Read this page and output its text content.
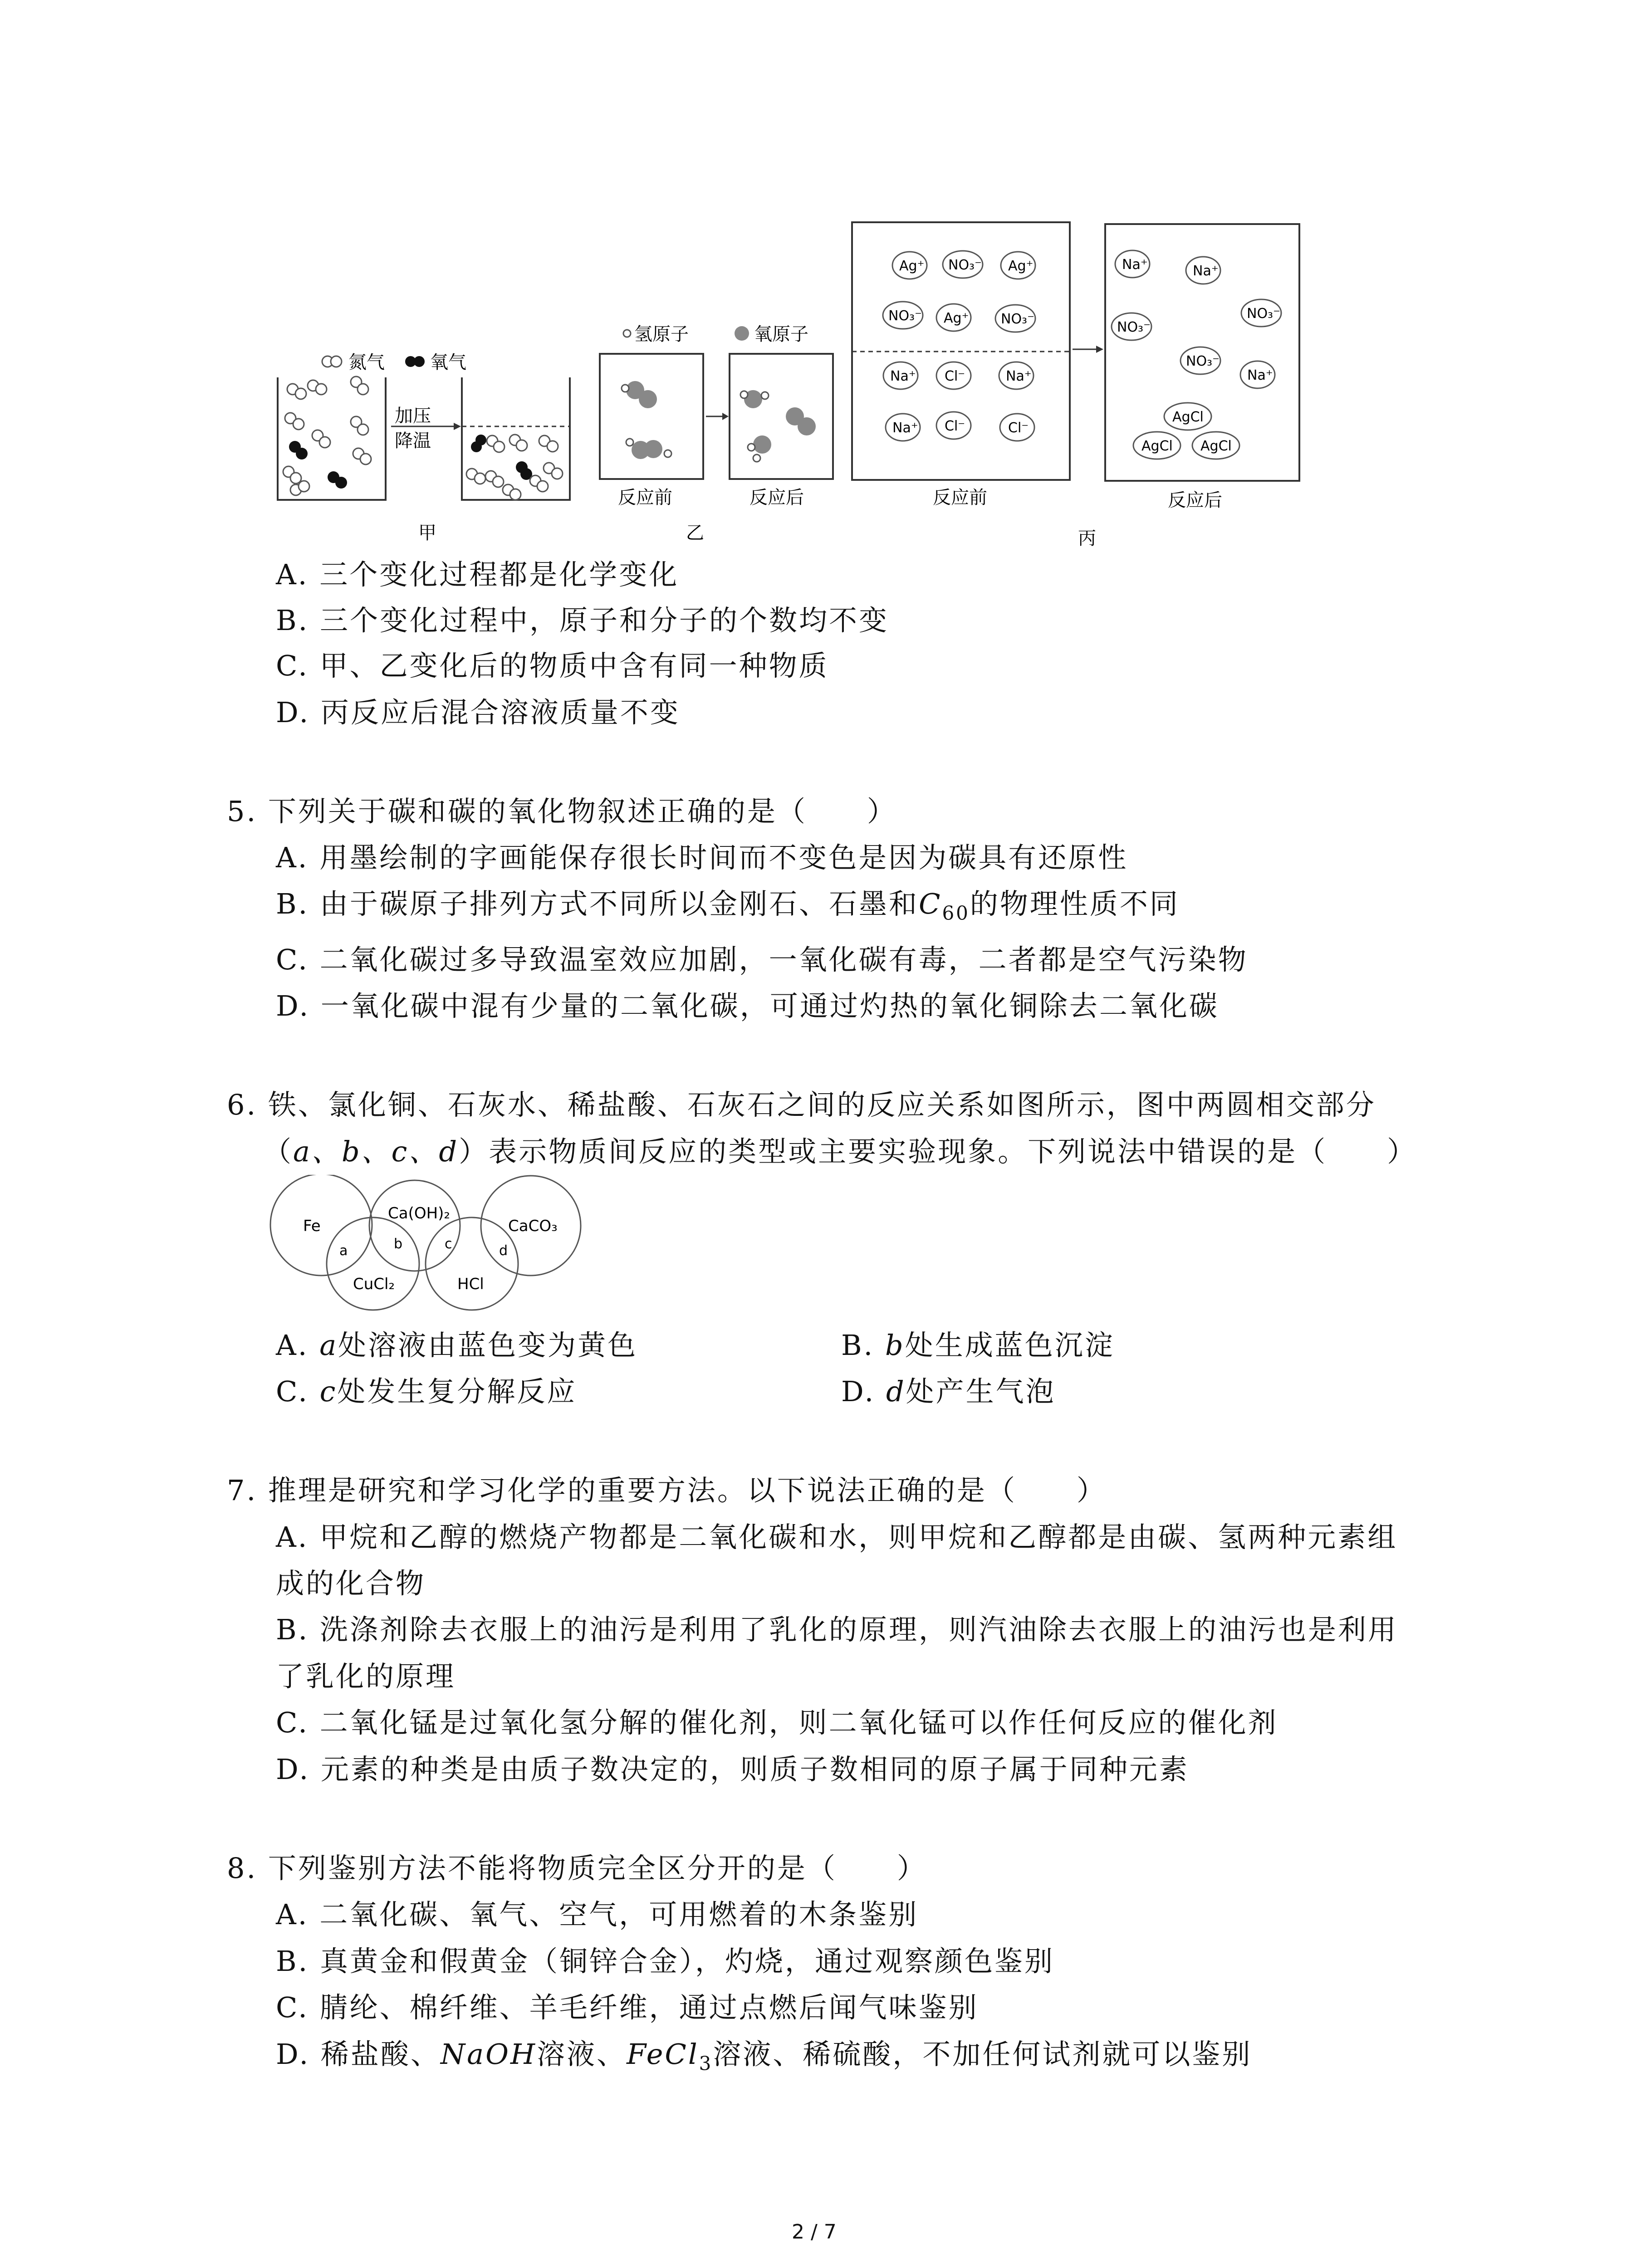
氮气	氧气
加压
降温
甲
氢原子	氧原子
反应前	反应后
乙
Ag⁺ NO₃⁻ Ag⁺
NO₃⁻ Ag⁺ NO₃⁻
Na⁺ Cl⁻	Na⁺
Na⁺ Cl⁻	Cl⁻
反应前
Na⁺	Na⁺
NO₃⁻
NO₃⁻
NO₃⁻
Na⁺
AgCl
AgCl AgCl
反应后
丙
A. 三个变化过程都是化学变化
B. 三个变化过程中，原子和分子的个数均不变
C. 甲、乙变化后的物质中含有同一种物质
D. 丙反应后混合溶液质量不变
5. 下列关于碳和碳的氧化物叙述正确的是（　　）
A. 用墨绘制的字画能保存很长时间而不变色是因为碳具有还原性
B. 由于碳原子排列方式不同所以金刚石、石墨和$C_{60}$的物理性质不同
C. 二氧化碳过多导致温室效应加剧，一氧化碳有毒，二者都是空气污染物
D. 一氧化碳中混有少量的二氧化碳，可通过灼热的氧化铜除去二氧化碳
6. 铁、氯化铜、石灰水、稀盐酸、石灰石之间的反应关系如图所示，图中两圆相交部分
（a、b、c、d）表示物质间反应的类型或主要实验现象。下列说法中错误的是（　　）
Fe
Ca(OH)₂
CaCO₃
CuCl₂	HCl
a	b	c	d
A. a处溶液由蓝色变为黄色	B. b处生成蓝色沉淀
C. c处发生复分解反应	D. d处产生气泡
7. 推理是研究和学习化学的重要方法。以下说法正确的是（　　）
A. 甲烷和乙醇的燃烧产物都是二氧化碳和水，则甲烷和乙醇都是由碳、氢两种元素组
成的化合物
B. 洗涤剂除去衣服上的油污是利用了乳化的原理，则汽油除去衣服上的油污也是利用
了乳化的原理
C. 二氧化锰是过氧化氢分解的催化剂，则二氧化锰可以作任何反应的催化剂
D. 元素的种类是由质子数决定的，则质子数相同的原子属于同种元素
8. 下列鉴别方法不能将物质完全区分开的是（　　）
A. 二氧化碳、氧气、空气，可用燃着的木条鉴别
B. 真黄金和假黄金（铜锌合金），灼烧，通过观察颜色鉴别
C. 腈纶、棉纤维、羊毛纤维，通过点燃后闻气味鉴别
D. 稀盐酸、NaOH溶液、FeCl$_3$溶液、稀硫酸，不加任何试剂就可以鉴别
2 / 7
